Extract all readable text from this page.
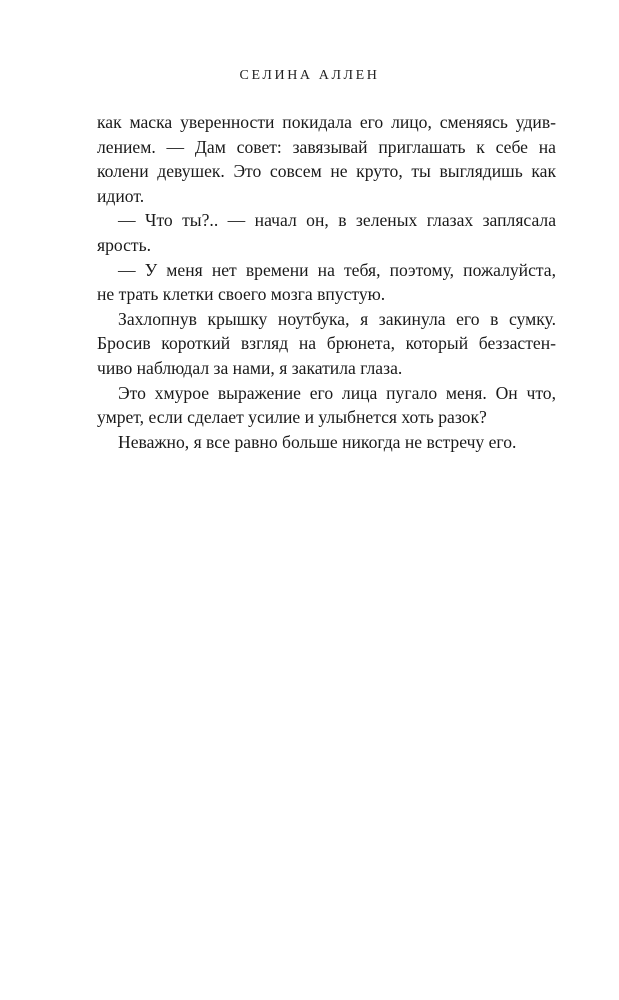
СЕЛИНА АЛЛЕН
как маска уверенности покидала его лицо, сменяясь удив-
лением. — Дам совет: завязывай приглашать к себе на
колени девушек. Это совсем не круто, ты выглядишь как
идиот.
— Что ты?.. — начал он, в зеленых глазах заплясала
ярость.
— У меня нет времени на тебя, поэтому, пожалуйста,
не трать клетки своего мозга впустую.
Захлопнув крышку ноутбука, я закинула его в сумку.
Бросив короткий взгляд на брюнета, который беззастен-
чиво наблюдал за нами, я закатила глаза.
Это хмурое выражение его лица пугало меня. Он что,
умрет, если сделает усилие и улыбнется хоть разок?
Неважно, я все равно больше никогда не встречу его.
